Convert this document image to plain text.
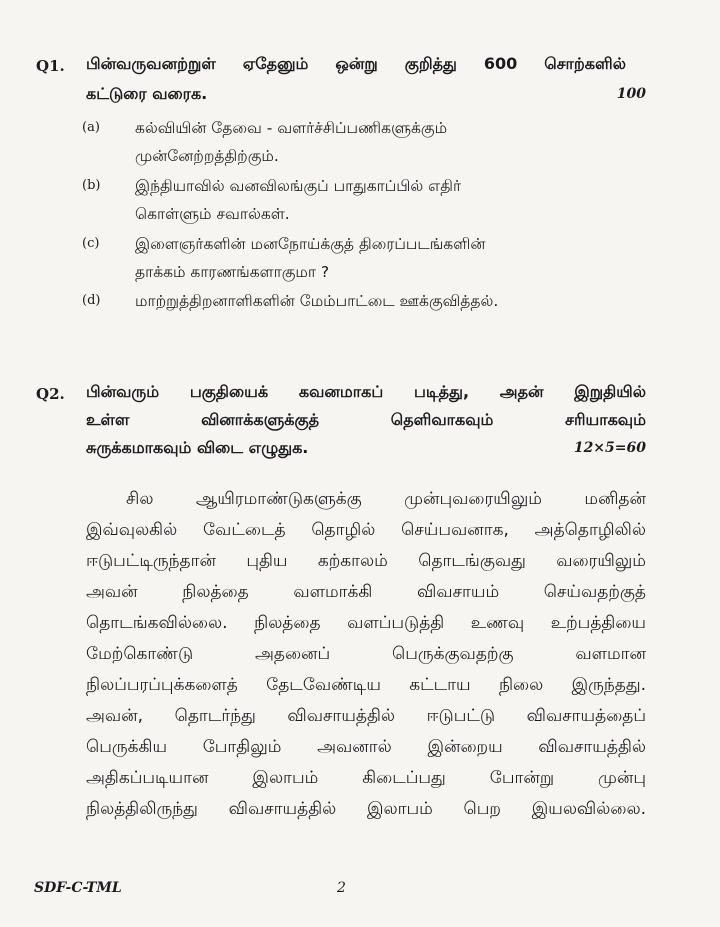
Q1. பின்வருவனற்றுள் ஏதேனும் ஒன்று குறித்து 600 சொற்களில்
கட்டுரை வரைக.	100
(a) கல்வியின் தேவை - வளர்ச்சிப்பணிகளுக்கும்
முன்னேற்றத்திற்கும்.
(b) இந்தியாவில் வனவிலங்குப் பாதுகாப்பில் எதிர்
கொள்ளும் சவால்கள்.
(c) இளைஞர்களின் மனநோய்க்குத் திரைப்படங்களின்
தாக்கம் காரணங்களாகுமா ?
(d) மாற்றுத்திறனாளிகளின் மேம்பாட்டை ஊக்குவித்தல்.
Q2. பின்வரும் பகுதியைக் கவனமாகப் படித்து, அதன் இறுதியில்
உள்ள வினாக்களுக்குத் தெளிவாகவும் சரியாகவும்
சுருக்கமாகவும் விடை எழுதுக.	12×5=60
சில ஆயிரமாண்டுகளுக்கு முன்புவரையிலும் மனிதன்
இவ்வுலகில் வேட்டைத் தொழில் செய்பவனாக, அத்தொழிலில்
ஈடுபட்டிருந்தான் புதிய கற்காலம் தொடங்குவது வரையிலும்
அவன் நிலத்தை வளமாக்கி விவசாயம் செய்வதற்குத்
தொடங்கவில்லை. நிலத்தை வளப்படுத்தி உணவு உற்பத்தியை
மேற்கொண்டு அதனைப் பெருக்குவதற்கு வளமான
நிலப்பரப்புக்களைத் தேடவேண்டிய கட்டாய நிலை இருந்தது.
அவன், தொடர்ந்து விவசாயத்தில் ஈடுபட்டு விவசாயத்தைப்
பெருக்கிய போதிலும் அவனால் இன்றைய விவசாயத்தில்
அதிகப்படியான இலாபம் கிடைப்பது போன்று முன்பு
நிலத்திலிருந்து விவசாயத்தில் இலாபம் பெற இயலவில்லை.
SDF-C-TML	2
